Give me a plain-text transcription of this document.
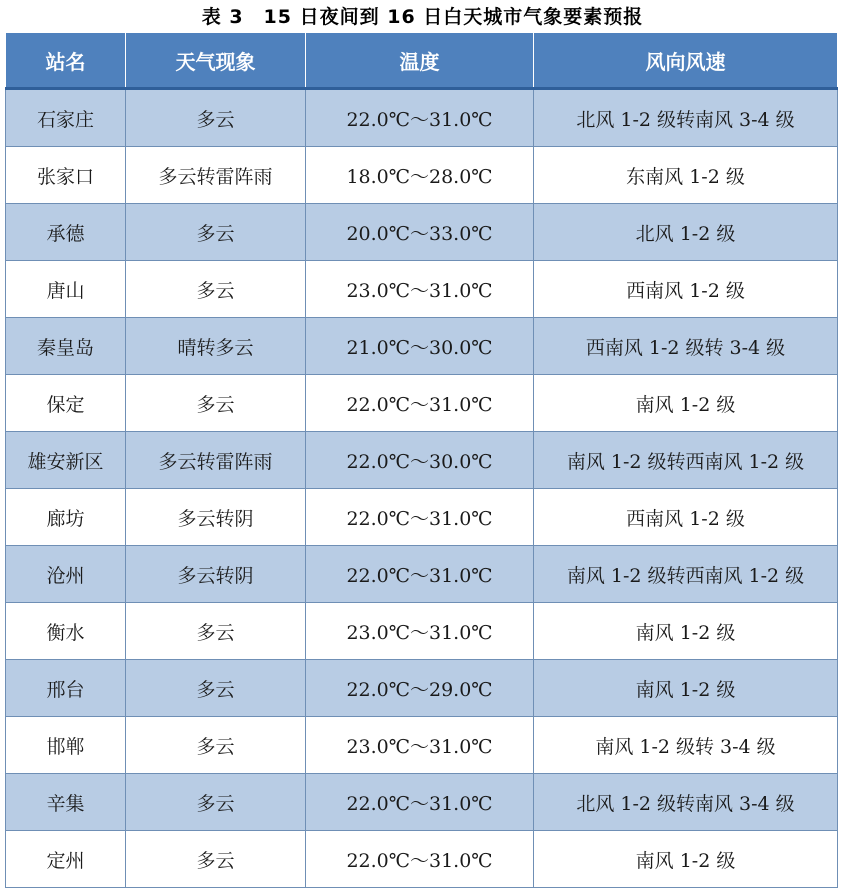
表 3　15 日夜间到 16 日白天城市气象要素预报
站名	天气现象	温度	风向风速
石家庄	多云	22.0℃～31.0℃	北风 1-2 级转南风 3-4 级
张家口	多云转雷阵雨	18.0℃～28.0℃	东南风 1-2 级
承德	多云	20.0℃～33.0℃	北风 1-2 级
唐山	多云	23.0℃～31.0℃	西南风 1-2 级
秦皇岛	晴转多云	21.0℃～30.0℃	西南风 1-2 级转 3-4 级
保定	多云	22.0℃～31.0℃	南风 1-2 级
雄安新区	多云转雷阵雨	22.0℃～30.0℃	南风 1-2 级转西南风 1-2 级
廊坊	多云转阴	22.0℃～31.0℃	西南风 1-2 级
沧州	多云转阴	22.0℃～31.0℃	南风 1-2 级转西南风 1-2 级
衡水	多云	23.0℃～31.0℃	南风 1-2 级
邢台	多云	22.0℃～29.0℃	南风 1-2 级
邯郸	多云	23.0℃～31.0℃	南风 1-2 级转 3-4 级
辛集	多云	22.0℃～31.0℃	北风 1-2 级转南风 3-4 级
定州	多云	22.0℃～31.0℃	南风 1-2 级
